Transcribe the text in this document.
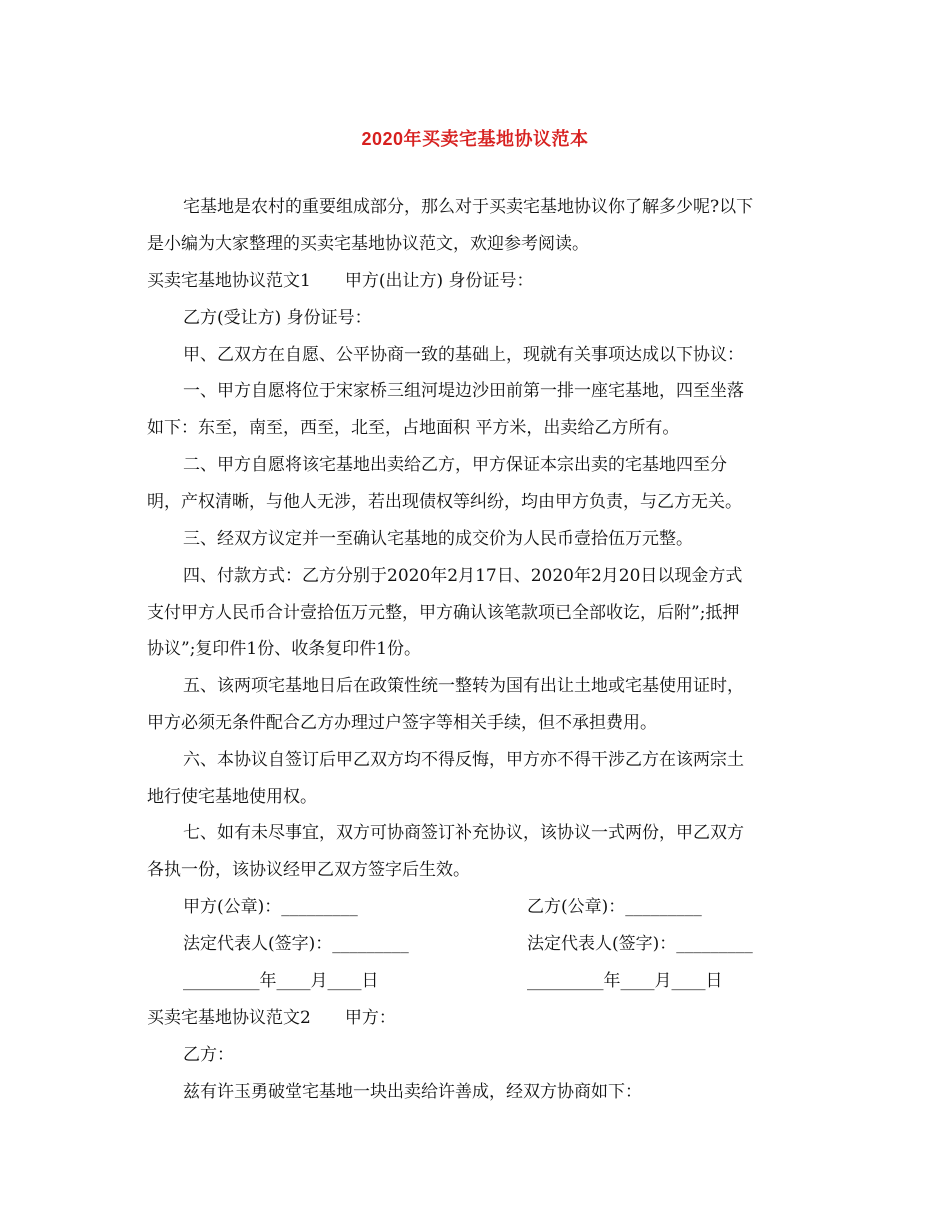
2020年买卖宅基地协议范本
宅基地是农村的重要组成部分，那么对于买卖宅基地协议你了解多少呢?以下
是小编为大家整理的买卖宅基地协议范文，欢迎参考阅读。
买卖宅基地协议范文1　　甲方(出让方) 身份证号：
乙方(受让方) 身份证号：
甲、乙双方在自愿、公平协商一致的基础上，现就有关事项达成以下协议：
一、甲方自愿将位于宋家桥三组河堤边沙田前第一排一座宅基地，四至坐落
如下：东至，南至，西至，北至，占地面积 平方米，出卖给乙方所有。
二、甲方自愿将该宅基地出卖给乙方，甲方保证本宗出卖的宅基地四至分
明，产权清晰，与他人无涉，若出现债权等纠纷，均由甲方负责，与乙方无关。
三、经双方议定并一至确认宅基地的成交价为人民币壹拾伍万元整。
四、付款方式：乙方分别于2020年2月17日、2020年2月20日以现金方式
支付甲方人民币合计壹拾伍万元整，甲方确认该笔款项已全部收讫，后附”;抵押
协议”;复印件1份、收条复印件1份。
五、该两项宅基地日后在政策性统一整转为国有出让土地或宅基使用证时，
甲方必须无条件配合乙方办理过户签字等相关手续，但不承担费用。
六、本协议自签订后甲乙双方均不得反悔，甲方亦不得干涉乙方在该两宗土
地行使宅基地使用权。
七、如有未尽事宜，双方可协商签订补充协议，该协议一式两份，甲乙双方
各执一份，该协议经甲乙双方签字后生效。
甲方(公章)：_________	乙方(公章)：_________
法定代表人(签字)：_________	法定代表人(签字)：_________
_________年____月____日	_________年____月____日
买卖宅基地协议范文2　　甲方：
乙方：
兹有许玉勇破堂宅基地一块出卖给许善成，经双方协商如下：
